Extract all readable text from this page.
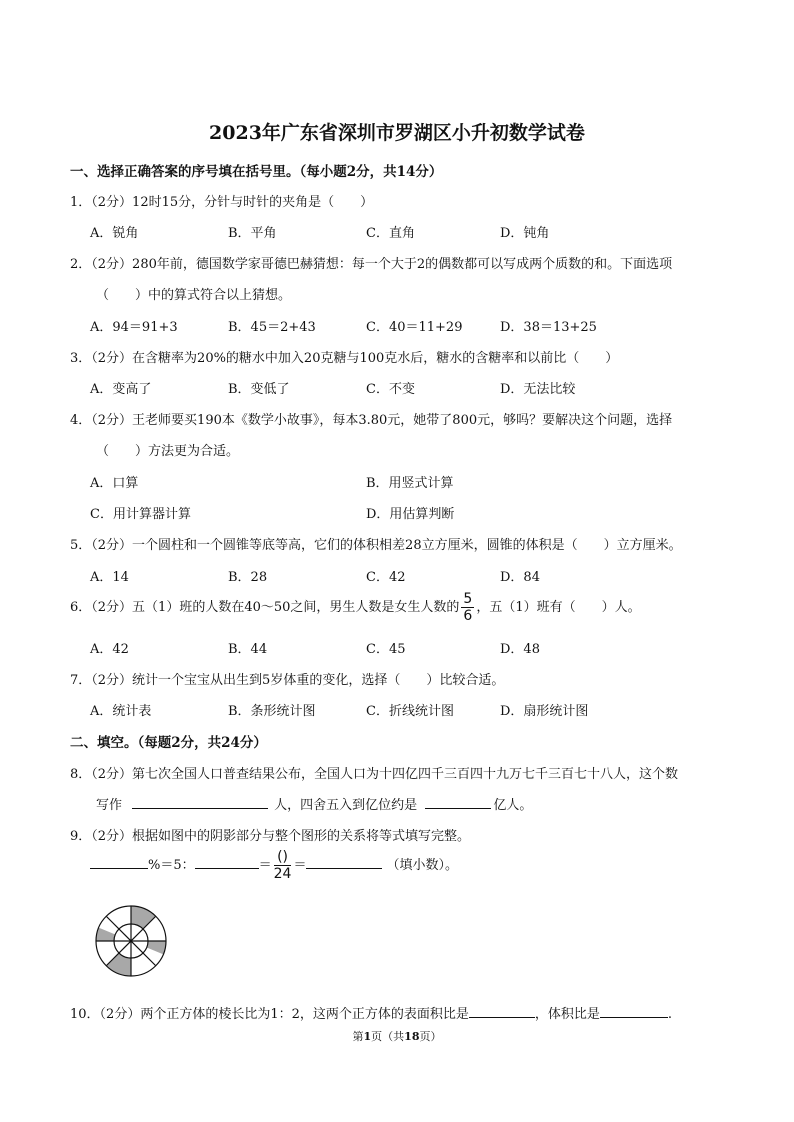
2023年广东省深圳市罗湖区小升初数学试卷
一、选择正确答案的序号填在括号里。（每小题2分，共14分）
1．（2分）12时15分，分针与时针的夹角是（　　）
A．锐角	B．平角	C．直角	D．钝角
2．（2分）280年前，德国数学家哥德巴赫猜想：每一个大于2的偶数都可以写成两个质数的和。下面选项
（　　）中的算式符合以上猜想。
A．94＝91+3	B．45＝2+43	C．40＝11+29	D．38＝13+25
3．（2分）在含糖率为20%的糖水中加入20克糖与100克水后，糖水的含糖率和以前比（　　）
A．变高了	B．变低了	C．不变	D．无法比较
4．（2分）王老师要买190本《数学小故事》，每本3.80元，她带了800元，够吗？要解决这个问题，选择
（　　）方法更为合适。
A．口算	B．用竖式计算
C．用计算器计算	D．用估算判断
5．（2分）一个圆柱和一个圆锥等底等高，它们的体积相差28立方厘米，圆锥的体积是（　　）立方厘米。
A．14	B．28	C．42	D．84
6．（2分）五（1）班的人数在40～50之间，男生人数是女生人数的 $\frac{5}{6}$ ，五（1）班有（　　）人。
A．42	B．44	C．45	D．48
7．（2分）统计一个宝宝从出生到5岁体重的变化，选择（　　）比较合适。
A．统计表	B．条形统计图	C．折线统计图	D．扇形统计图
二、填空。（每题2分，共24分）
8．（2分）第七次全国人口普查结果公布，全国人口为十四亿四千三百四十九万七千三百七十八人，这个数
写作	人，四舍五入到亿位约是	亿人。
9．（2分）根据如图中的阴影部分与整个图形的关系将等式填写完整。
%＝5：	＝ $\frac{()}{24}$ ＝	（填小数）。
10．（2分）两个正方体的棱长比为1：2，这两个正方体的表面积比是	，体积比是	.
第1页（共18页）
